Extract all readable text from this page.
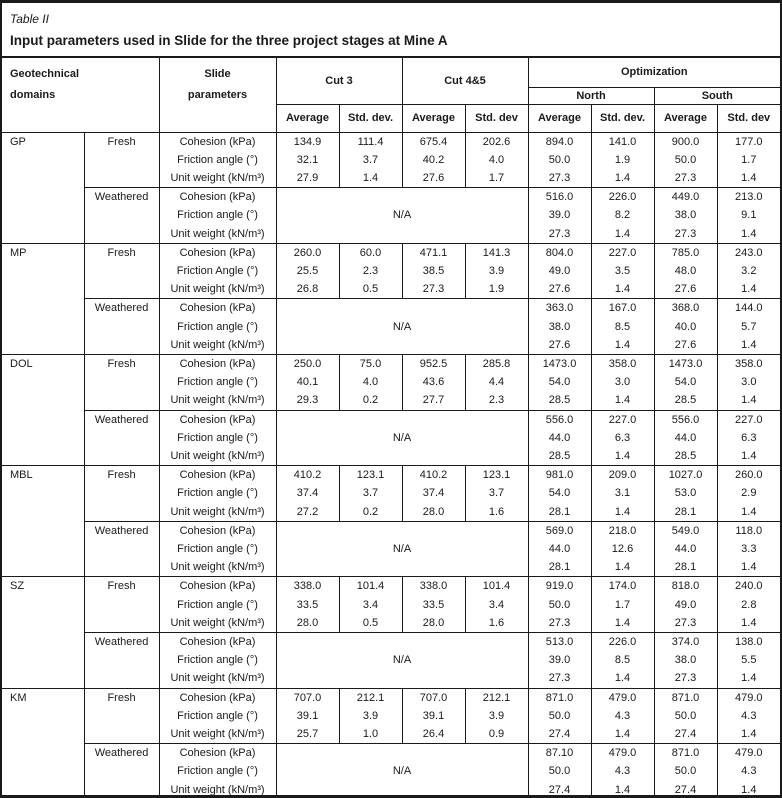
Table II
Input parameters used in Slide for the three project stages at Mine A
Geotechnical
domains

Slide
parameters
	Cut 3	Cut 4&5	Optimization
							North		South	
			Average	Std. dev.	Average	Std. dev	Average	Std. dev.	Average	Std. dev
GP	Fresh	Cohesion (kPa)	134.9	111.4	675.4	202.6	894.0	141.0	900.0	177.0
		Friction angle (°)	32.1	3.7	40.2	4.0	50.0	1.9	50.0	1.7
		Unit weight (kN/m³)	27.9	1.4	27.6	1.7	27.3	1.4	27.3	1.4
	Weathered	Cohesion (kPa)	N/A				516.0	226.0	449.0	213.0
		Friction angle (°)					39.0	8.2	38.0	9.1
		Unit weight (kN/m³)					27.3	1.4	27.3	1.4
MP	Fresh	Cohesion (kPa)	260.0	60.0	471.1	141.3	804.0	227.0	785.0	243.0
		Friction Angle (°)	25.5	2.3	38.5	3.9	49.0	3.5	48.0	3.2
		Unit weight (kN/m³)	26.8	0.5	27.3	1.9	27.6	1.4	27.6	1.4
	Weathered	Cohesion (kPa)	N/A				363.0	167.0	368.0	144.0
		Friction angle (°)					38.0	8.5	40.0	5.7
		Unit weight (kN/m³)					27.6	1.4	27.6	1.4
DOL	Fresh	Cohesion (kPa)	250.0	75.0	952.5	285.8	1473.0	358.0	1473.0	358.0
		Friction angle (°)	40.1	4.0	43.6	4.4	54.0	3.0	54.0	3.0
		Unit weight (kN/m³)	29.3	0.2	27.7	2.3	28.5	1.4	28.5	1.4
	Weathered	Cohesion (kPa)	N/A				556.0	227.0	556.0	227.0
		Friction angle (°)					44.0	6.3	44.0	6.3
		Unit weight (kN/m³)					28.5	1.4	28.5	1.4
MBL	Fresh	Cohesion (kPa)	410.2	123.1	410.2	123.1	981.0	209.0	1027.0	260.0
		Friction angle (°)	37.4	3.7	37.4	3.7	54.0	3.1	53.0	2.9
		Unit weight (kN/m³)	27.2	0.2	28.0	1.6	28.1	1.4	28.1	1.4
	Weathered	Cohesion (kPa)	N/A				569.0	218.0	549.0	118.0
		Friction angle (°)					44.0	12.6	44.0	3.3
		Unit weight (kN/m³)					28.1	1.4	28.1	1.4
SZ	Fresh	Cohesion (kPa)	338.0	101.4	338.0	101.4	919.0	174.0	818.0	240.0
		Friction angle (°)	33.5	3.4	33.5	3.4	50.0	1.7	49.0	2.8
		Unit weight (kN/m³)	28.0	0.5	28.0	1.6	27.3	1.4	27.3	1.4
	Weathered	Cohesion (kPa)	N/A				513.0	226.0	374.0	138.0
		Friction angle (°)					39.0	8.5	38.0	5.5
		Unit weight (kN/m³)					27.3	1.4	27.3	1.4
KM	Fresh	Cohesion (kPa)	707.0	212.1	707.0	212.1	871.0	479.0	871.0	479.0
		Friction angle (°)	39.1	3.9	39.1	3.9	50.0	4.3	50.0	4.3
		Unit weight (kN/m³)	25.7	1.0	26.4	0.9	27.4	1.4	27.4	1.4
	Weathered	Cohesion (kPa)	N/A				87.10	479.0	871.0	479.0
		Friction angle (°)					50.0	4.3	50.0	4.3
		Unit weight (kN/m³)					27.4	1.4	27.4	1.4
